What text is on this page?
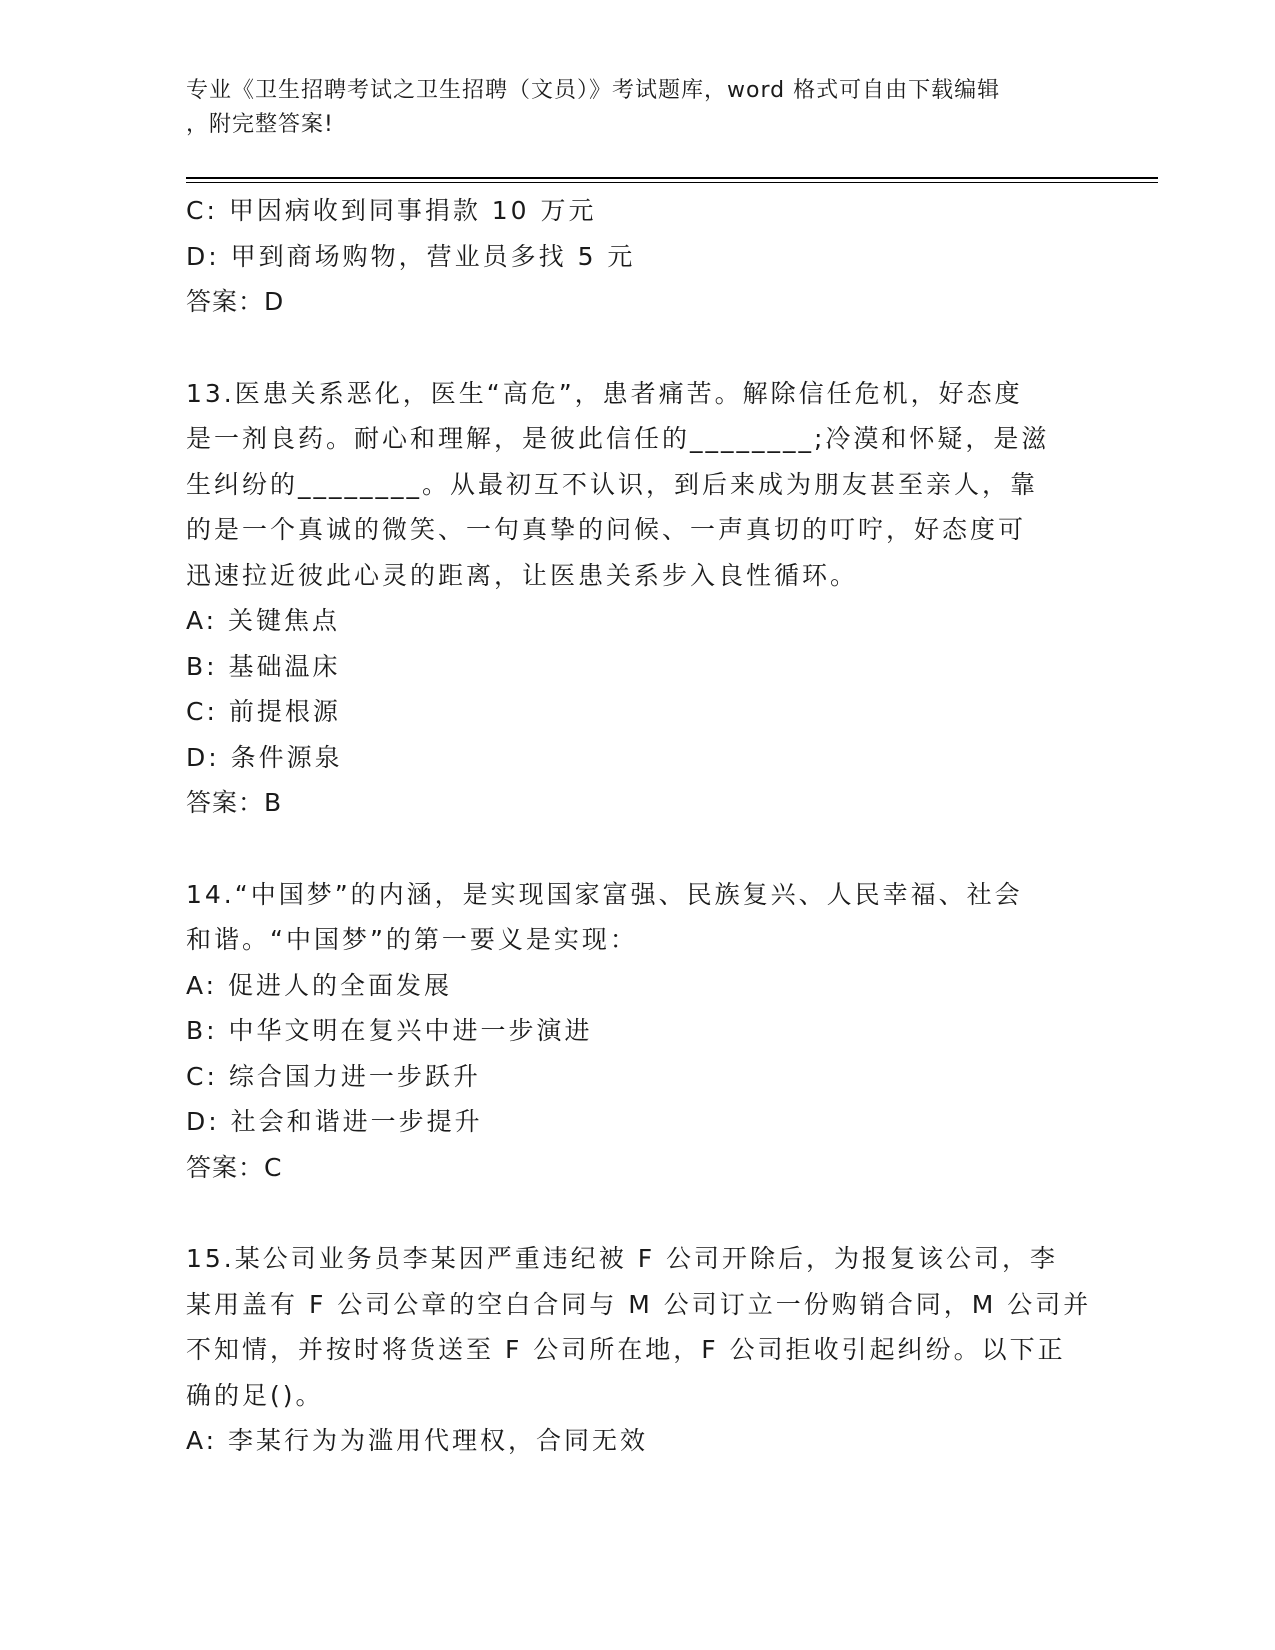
专业《卫生招聘考试之卫生招聘（文员）》考试题库，word 格式可自由下载编辑
，附完整答案!
C: 甲因病收到同事捐款 10 万元
D: 甲到商场购物，营业员多找 5 元
答案：D
13.医患关系恶化，医生“高危”，患者痛苦。解除信任危机，好态度
是一剂良药。耐心和理解，是彼此信任的________;冷漠和怀疑，是滋
生纠纷的________。从最初互不认识，到后来成为朋友甚至亲人，靠
的是一个真诚的微笑、一句真挚的问候、一声真切的叮咛，好态度可
迅速拉近彼此心灵的距离，让医患关系步入良性循环。
A: 关键焦点
B: 基础温床
C: 前提根源
D: 条件源泉
答案：B
14.“中国梦”的内涵，是实现国家富强、民族复兴、人民幸福、社会
和谐。“中国梦”的第一要义是实现：
A: 促进人的全面发展
B: 中华文明在复兴中进一步演进
C: 综合国力进一步跃升
D: 社会和谐进一步提升
答案：C
15.某公司业务员李某因严重违纪被 F 公司开除后，为报复该公司，李
某用盖有 F 公司公章的空白合同与 M 公司订立一份购销合同，M 公司并
不知情，并按时将货送至 F 公司所在地，F 公司拒收引起纠纷。以下正
确的足()。
A: 李某行为为滥用代理权，合同无效
